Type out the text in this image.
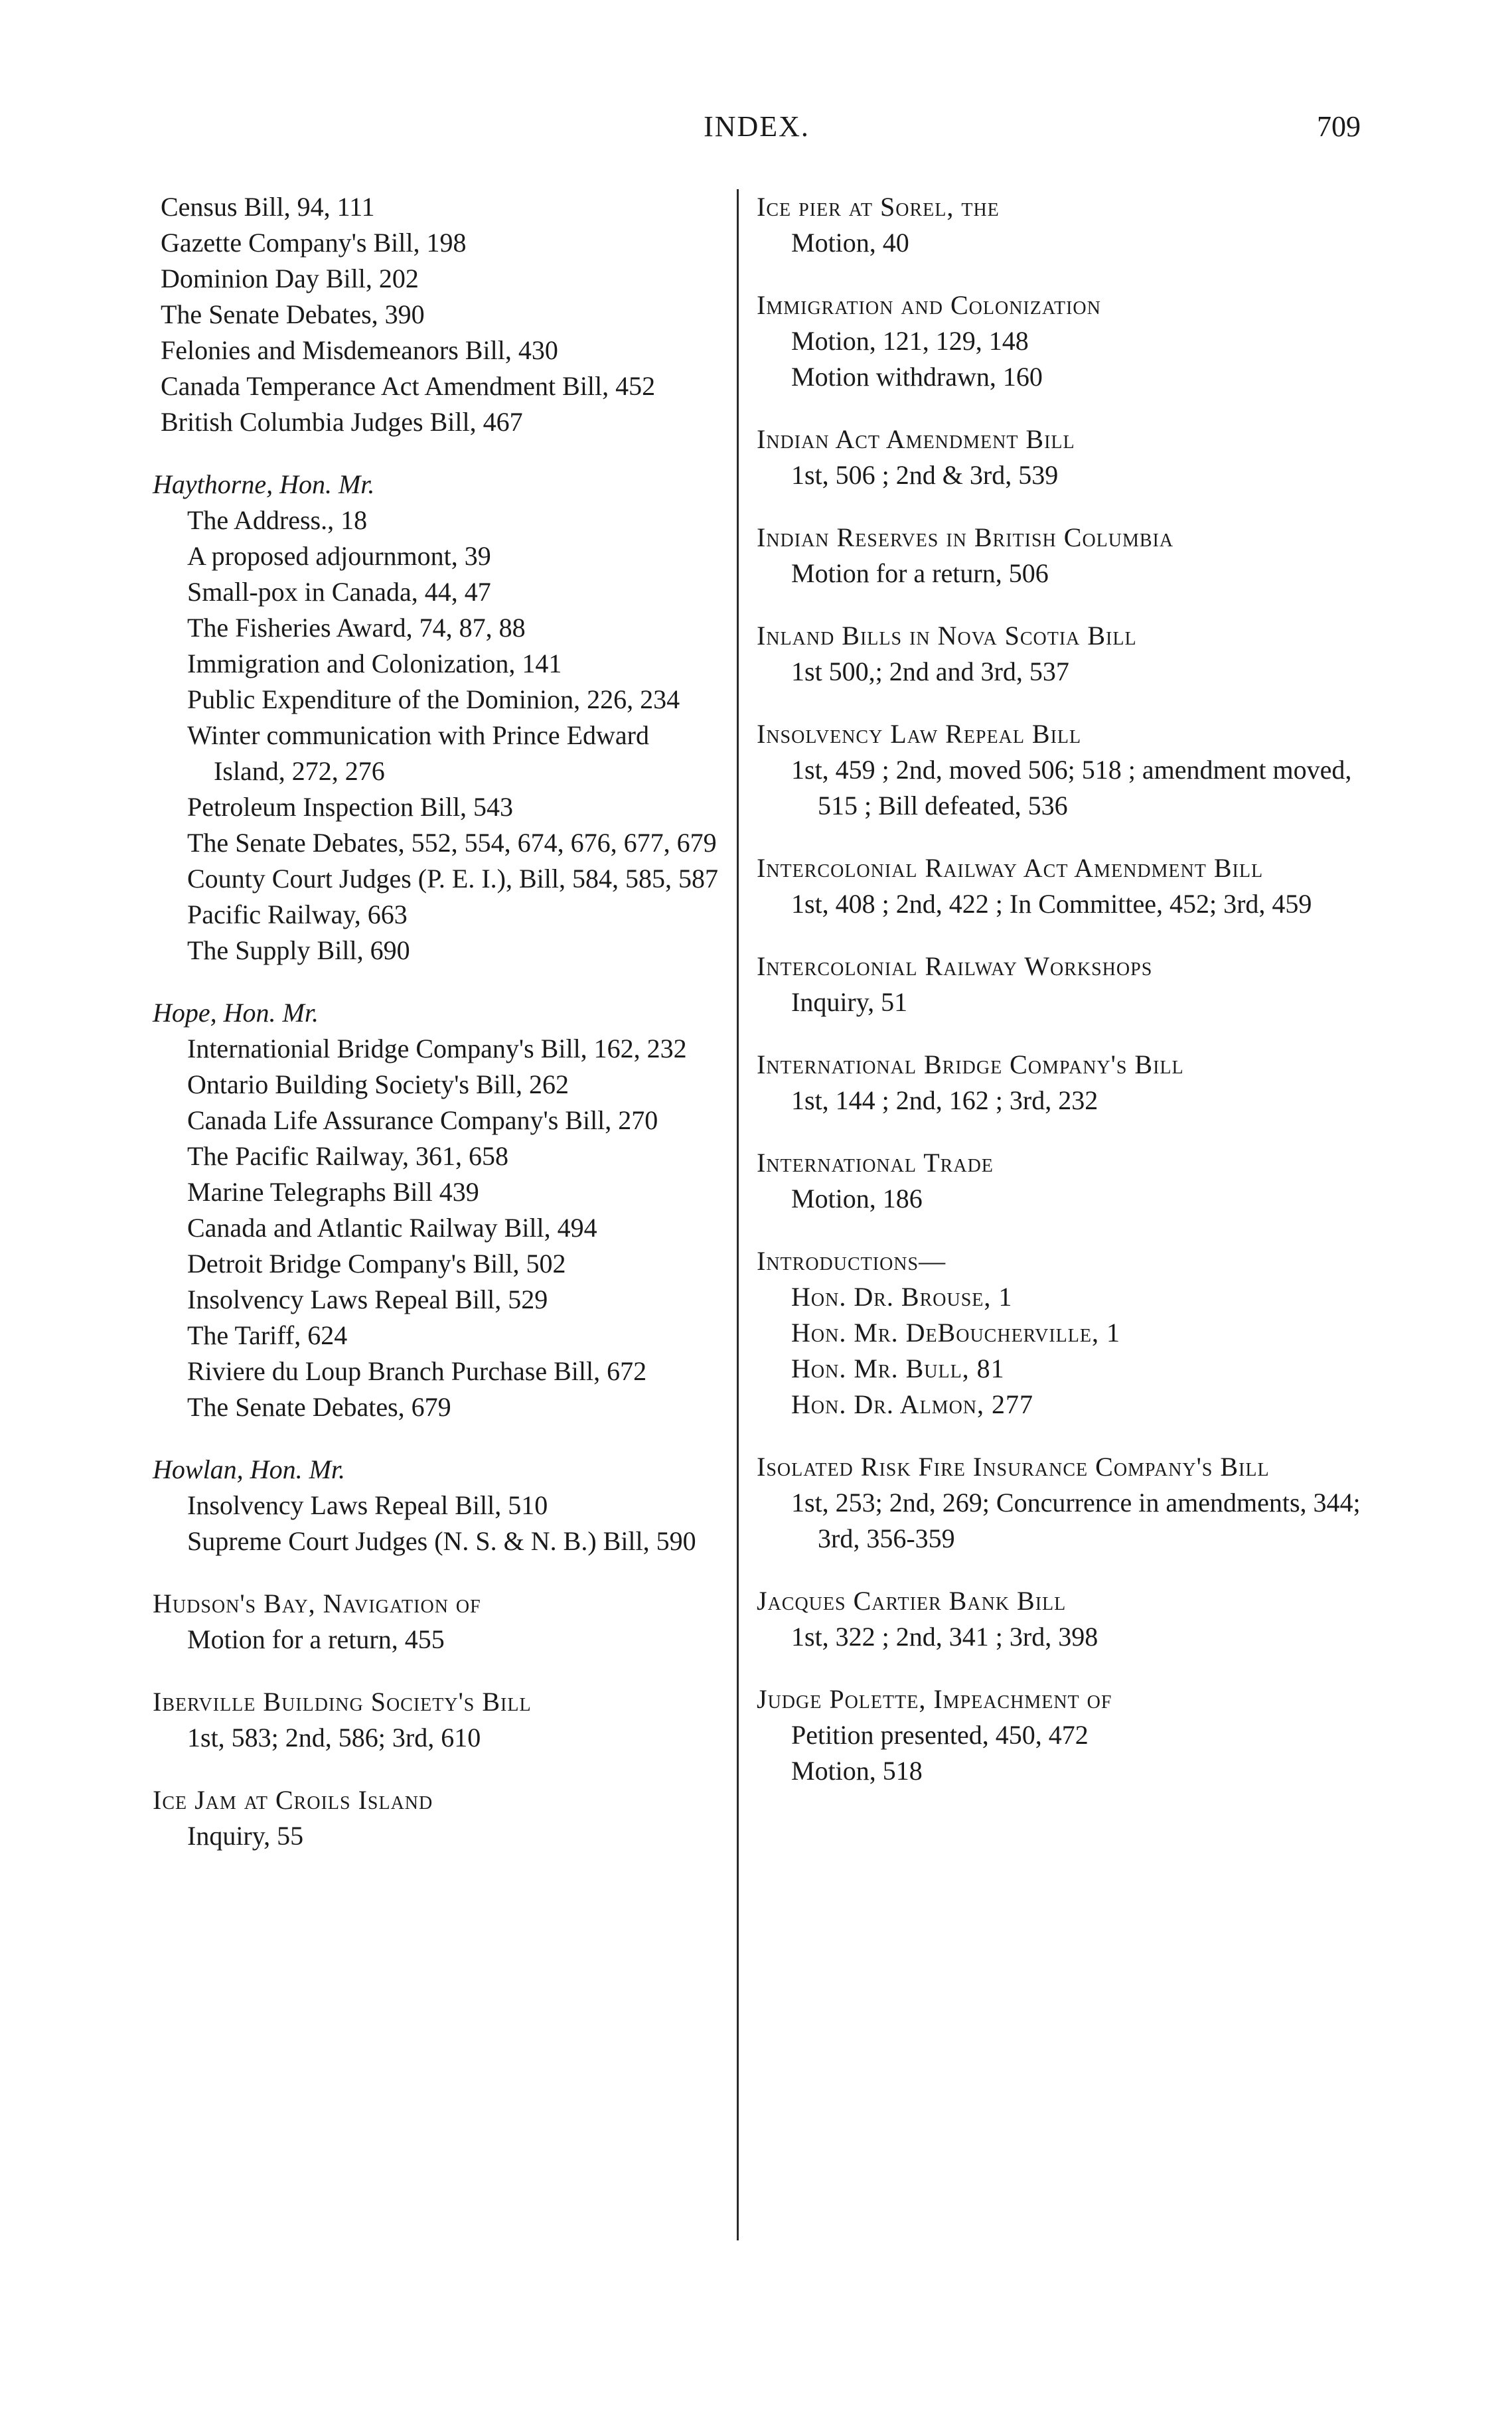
INDEX.	709
Census Bill, 94, 111
Gazette Company's Bill, 198
Dominion Day Bill, 202
The Senate Debates, 390
Felonies and Misdemeanors Bill, 430
Canada Temperance Act Amendment Bill, 452
British Columbia Judges Bill, 467
Haythorne, Hon. Mr.
The Address., 18
A proposed adjournmont, 39
Small-pox in Canada, 44, 47
The Fisheries Award, 74, 87, 88
Immigration and Colonization, 141
Public Expenditure of the Dominion, 226, 234
Winter communication with Prince Edward Island, 272, 276
Petroleum Inspection Bill, 543
The Senate Debates, 552, 554, 674, 676, 677, 679
County Court Judges (P. E. I.), Bill, 584, 585, 587
Pacific Railway, 663
The Supply Bill, 690
Hope, Hon. Mr.
Internationial Bridge Company's Bill, 162, 232
Ontario Building Society's Bill, 262
Canada Life Assurance Company's Bill, 270
The Pacific Railway, 361, 658
Marine Telegraphs Bill 439
Canada and Atlantic Railway Bill, 494
Detroit Bridge Company's Bill, 502
Insolvency Laws Repeal Bill, 529
The Tariff, 624
Riviere du Loup Branch Purchase Bill, 672
The Senate Debates, 679
Howlan, Hon. Mr.
Insolvency Laws Repeal Bill, 510
Supreme Court Judges (N. S. & N. B.) Bill, 590
Hudson's Bay, Navigation of
Motion for a return, 455
Iberville Building Society's Bill
1st, 583; 2nd, 586; 3rd, 610
Ice Jam at Croils Island
Inquiry, 55
Ice pier at Sorel, the
Motion, 40
Immigration and Colonization
Motion, 121, 129, 148
Motion withdrawn, 160
Indian Act Amendment Bill
1st, 506 ; 2nd & 3rd, 539
Indian Reserves in British Columbia
Motion for a return, 506
Inland Bills in Nova Scotia Bill
1st 500,; 2nd and 3rd, 537
Insolvency Law Repeal Bill
1st, 459 ; 2nd, moved 506; 518 ; amendment moved, 515 ; Bill defeated, 536
Intercolonial Railway Act Amendment Bill
1st, 408 ; 2nd, 422 ; In Committee, 452; 3rd, 459
Intercolonial Railway Workshops
Inquiry, 51
International Bridge Company's Bill
1st, 144 ; 2nd, 162 ; 3rd, 232
International Trade
Motion, 186
Introductions—
Hon. Dr. Brouse, 1
Hon. Mr. DeBoucherville, 1
Hon. Mr. Bull, 81
Hon. Dr. Almon, 277
Isolated Risk Fire Insurance Company's Bill
1st, 253; 2nd, 269; Concurrence in amendments, 344; 3rd, 356-359
Jacques Cartier Bank Bill
1st, 322 ; 2nd, 341 ; 3rd, 398
Judge Polette, Impeachment of
Petition presented, 450, 472
Motion, 518
